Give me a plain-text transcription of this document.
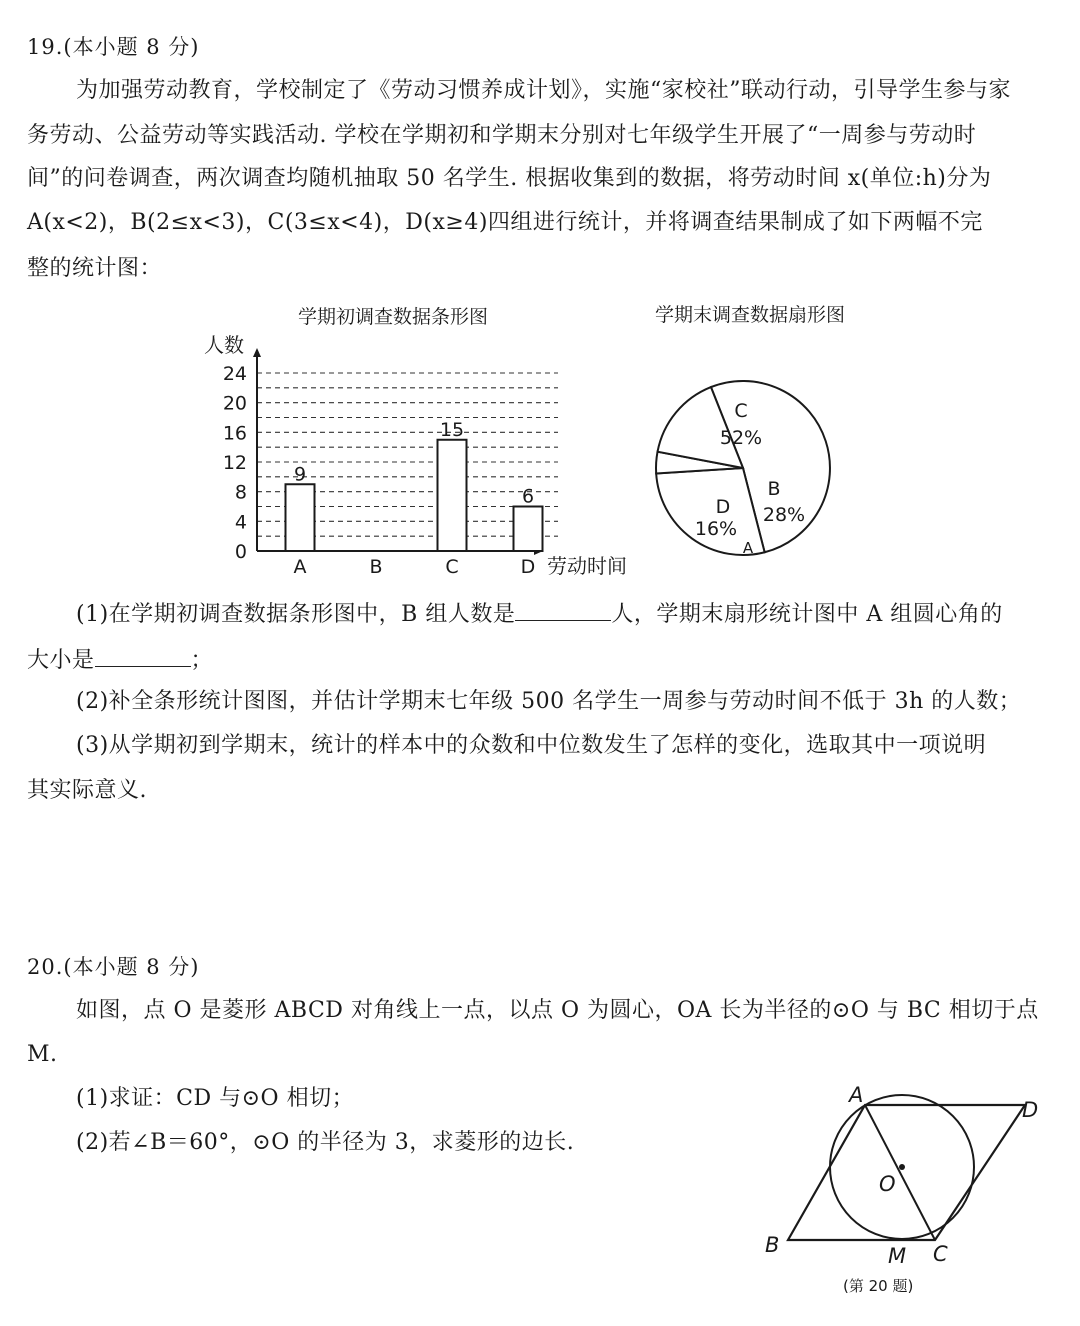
19.(本小题 8 分)

为加强劳动教育，学校制定了《劳动习惯养成计划》，实施“家校社”联动行动，引导学生参与家

务劳动、公益劳动等实践活动. 学校在学期初和学期末分别对七年级学生开展了“一周参与劳动时

间”的问卷调查，两次调查均随机抽取 50 名学生. 根据收集到的数据，将劳动时间 x(单位:h)分为

A(x<2)，B(2≤x<3)，C(3≤x<4)，D(x≥4)四组进行统计，并将调查结果制成了如下两幅不完

整的统计图：

学期初调查数据条形图	学期末调查数据扇形图

0
4
8
12
16
20
24
9
15
6
A	B	C	D
人数
劳动时间
C
52%
B
28%
D
16%
A

(1)在学期初调查数据条形图中，B 组人数是	人，学期末扇形统计图中 A 组圆心角的

大小是	；

(2)补全条形统计图图，并估计学期末七年级 500 名学生一周参与劳动时间不低于 3h 的人数；

(3)从学期初到学期末，统计的样本中的众数和中位数发生了怎样的变化，选取其中一项说明

其实际意义.

20.(本小题 8 分)

如图，点 O 是菱形 ABCD 对角线上一点，以点 O 为圆心，OA 长为半径的⊙O 与 BC 相切于点

M.

(1)求证：CD 与⊙O 相切；

(2)若∠B＝60°，⊙O 的半径为 3，求菱形的边长.

A
D
O
B	M C
(第 20 题)
